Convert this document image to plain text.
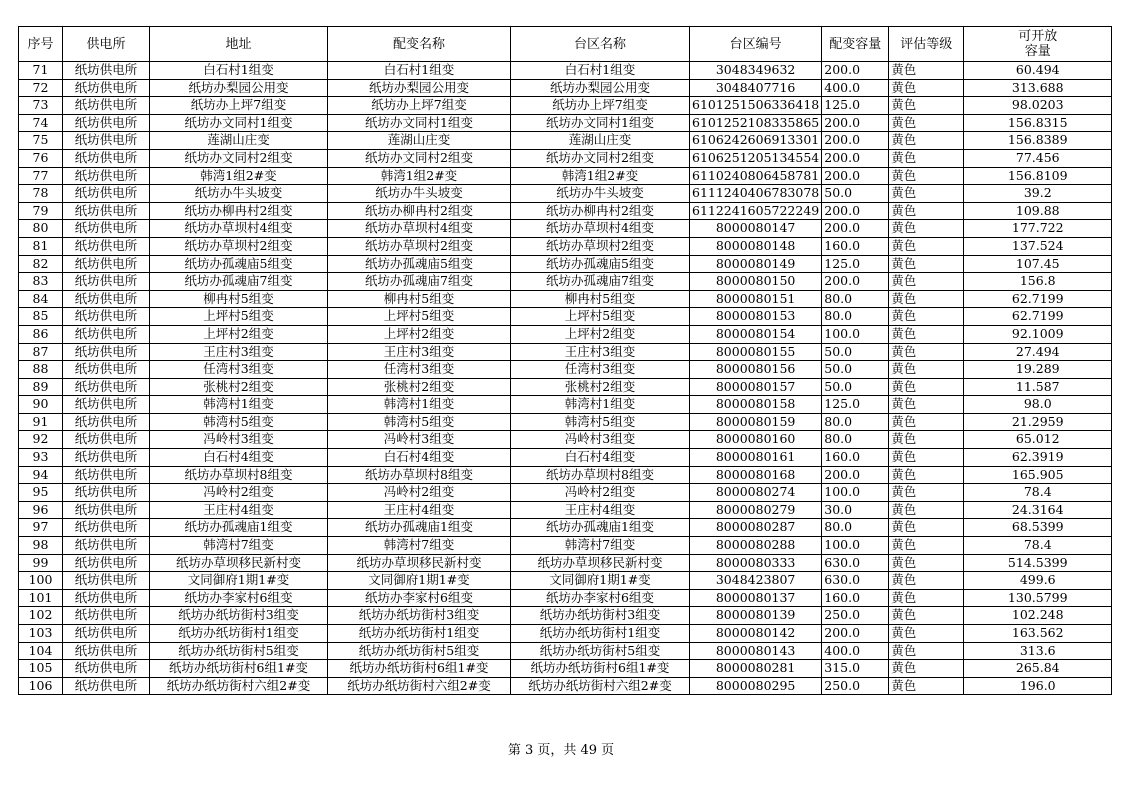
序号	供电所	地址	配变名称	台区名称	台区编号	配变容量	评估等级	可开放容量
71	纸坊供电所	白石村1组变	白石村1组变	白石村1组变	3048349632	200.0	黄色	60.494
72	纸坊供电所	纸坊办梨园公用变	纸坊办梨园公用变	纸坊办梨园公用变	3048407716	400.0	黄色	313.688
73	纸坊供电所	纸坊办上坪7组变	纸坊办上坪7组变	纸坊办上坪7组变	6101251506336418	125.0	黄色	98.0203
74	纸坊供电所	纸坊办文同村1组变	纸坊办文同村1组变	纸坊办文同村1组变	6101252108335865	200.0	黄色	156.8315
75	纸坊供电所	莲湖山庄变	莲湖山庄变	莲湖山庄变	6106242606913301	200.0	黄色	156.8389
76	纸坊供电所	纸坊办文同村2组变	纸坊办文同村2组变	纸坊办文同村2组变	6106251205134554	200.0	黄色	77.456
77	纸坊供电所	韩湾1组2#变	韩湾1组2#变	韩湾1组2#变	6110240806458781	200.0	黄色	156.8109
78	纸坊供电所	纸坊办牛头坡变	纸坊办牛头坡变	纸坊办牛头坡变	6111240406783078	50.0	黄色	39.2
79	纸坊供电所	纸坊办柳冉村2组变	纸坊办柳冉村2组变	纸坊办柳冉村2组变	6112241605722249	200.0	黄色	109.88
80	纸坊供电所	纸坊办草坝村4组变	纸坊办草坝村4组变	纸坊办草坝村4组变	8000080147	200.0	黄色	177.722
81	纸坊供电所	纸坊办草坝村2组变	纸坊办草坝村2组变	纸坊办草坝村2组变	8000080148	160.0	黄色	137.524
82	纸坊供电所	纸坊办孤魂庙5组变	纸坊办孤魂庙5组变	纸坊办孤魂庙5组变	8000080149	125.0	黄色	107.45
83	纸坊供电所	纸坊办孤魂庙7组变	纸坊办孤魂庙7组变	纸坊办孤魂庙7组变	8000080150	200.0	黄色	156.8
84	纸坊供电所	柳冉村5组变	柳冉村5组变	柳冉村5组变	8000080151	80.0	黄色	62.7199
85	纸坊供电所	上坪村5组变	上坪村5组变	上坪村5组变	8000080153	80.0	黄色	62.7199
86	纸坊供电所	上坪村2组变	上坪村2组变	上坪村2组变	8000080154	100.0	黄色	92.1009
87	纸坊供电所	王庄村3组变	王庄村3组变	王庄村3组变	8000080155	50.0	黄色	27.494
88	纸坊供电所	任湾村3组变	任湾村3组变	任湾村3组变	8000080156	50.0	黄色	19.289
89	纸坊供电所	张桃村2组变	张桃村2组变	张桃村2组变	8000080157	50.0	黄色	11.587
90	纸坊供电所	韩湾村1组变	韩湾村1组变	韩湾村1组变	8000080158	125.0	黄色	98.0
91	纸坊供电所	韩湾村5组变	韩湾村5组变	韩湾村5组变	8000080159	80.0	黄色	21.2959
92	纸坊供电所	冯岭村3组变	冯岭村3组变	冯岭村3组变	8000080160	80.0	黄色	65.012
93	纸坊供电所	白石村4组变	白石村4组变	白石村4组变	8000080161	160.0	黄色	62.3919
94	纸坊供电所	纸坊办草坝村8组变	纸坊办草坝村8组变	纸坊办草坝村8组变	8000080168	200.0	黄色	165.905
95	纸坊供电所	冯岭村2组变	冯岭村2组变	冯岭村2组变	8000080274	100.0	黄色	78.4
96	纸坊供电所	王庄村4组变	王庄村4组变	王庄村4组变	8000080279	30.0	黄色	24.3164
97	纸坊供电所	纸坊办孤魂庙1组变	纸坊办孤魂庙1组变	纸坊办孤魂庙1组变	8000080287	80.0	黄色	68.5399
98	纸坊供电所	韩湾村7组变	韩湾村7组变	韩湾村7组变	8000080288	100.0	黄色	78.4
99	纸坊供电所	纸坊办草坝移民新村变	纸坊办草坝移民新村变	纸坊办草坝移民新村变	8000080333	630.0	黄色	514.5399
100	纸坊供电所	文同御府1期1#变	文同御府1期1#变	文同御府1期1#变	3048423807	630.0	黄色	499.6
101	纸坊供电所	纸坊办李家村6组变	纸坊办李家村6组变	纸坊办李家村6组变	8000080137	160.0	黄色	130.5799
102	纸坊供电所	纸坊办纸坊街村3组变	纸坊办纸坊街村3组变	纸坊办纸坊街村3组变	8000080139	250.0	黄色	102.248
103	纸坊供电所	纸坊办纸坊街村1组变	纸坊办纸坊街村1组变	纸坊办纸坊街村1组变	8000080142	200.0	黄色	163.562
104	纸坊供电所	纸坊办纸坊街村5组变	纸坊办纸坊街村5组变	纸坊办纸坊街村5组变	8000080143	400.0	黄色	313.6
105	纸坊供电所	纸坊办纸坊街村6组1#变	纸坊办纸坊街村6组1#变	纸坊办纸坊街村6组1#变	8000080281	315.0	黄色	265.84
106	纸坊供电所	纸坊办纸坊街村六组2#变	纸坊办纸坊街村六组2#变	纸坊办纸坊街村六组2#变	8000080295	250.0	黄色	196.0
第 3 页，共 49 页
